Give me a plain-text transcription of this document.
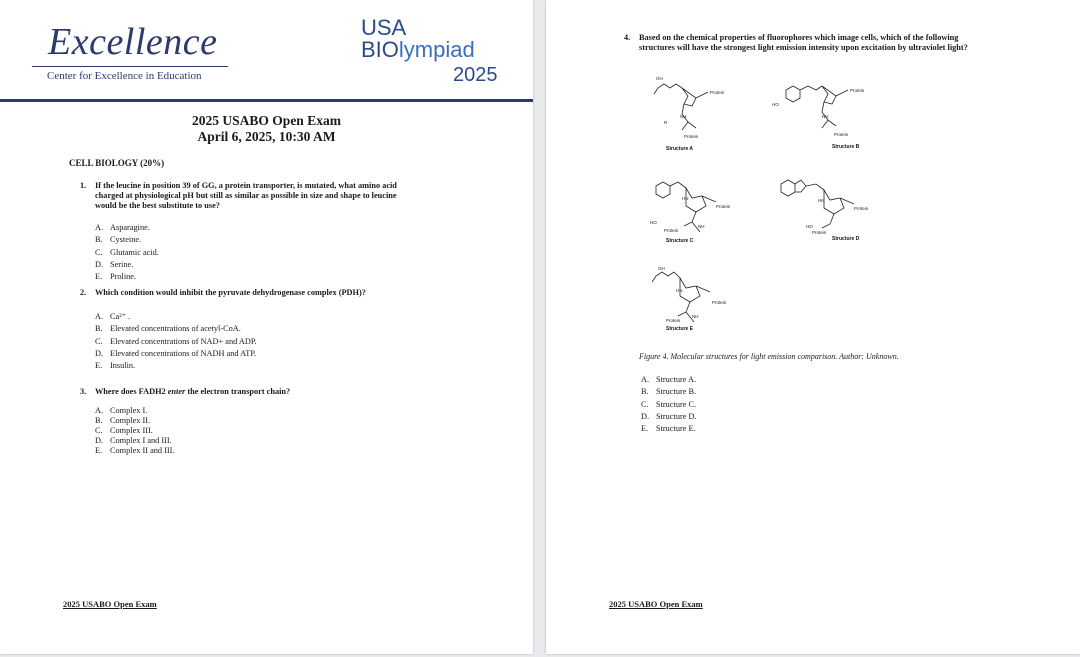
Excellence
Center for Excellence in Education
USA
BIOlympiad
2025
2025 USABO Open Exam
April 6, 2025, 10:30 AM
CELL BIOLOGY (20%)
1. If the leucine in position 39 of GG, a protein transporter, is mutated, what amino acid
charged at physiological pH but still as similar as possible in size and shape to leucine
would be the best substitute to use?
A. Asparagine.
B. Cysteine.
C. Glutamic acid.
D. Serine.
E. Proline.
2. Which condition would inhibit the pyruvate dehydrogenase complex (PDH)?
A. Ca²⁺ .
B. Elevated concentrations of acetyl-CoA.
C. Elevated concentrations of NAD+ and ADP.
D. Elevated concentrations of NADH and ATP.
E. Insulin.
3. Where does FADH2 enter the electron transport chain?
A. Complex I.
B. Complex II.
C. Complex III.
D. Complex I and III.
E. Complex II and III.
2025 USABO Open Exam
4. Based on the chemical properties of fluorophores which image cells, which of the following
structures will have the strongest light emission intensity upon excitation by ultraviolet light?
Structure A	Structure B
Structure C	Structure D
Structure E
OH
Protein
R
NH
Protein
HO
Protein
NH
Protein
HN
Protein
HO
Protein
NH
HN
Protein
HO
Protein
OH
HN
Protein
NH
Protein
Figure 4. Molecular structures for light emission comparison. Author: Unknown.
A. Structure A.
B. Structure B.
C. Structure C.
D. Structure D.
E. Structure E.
2025 USABO Open Exam
